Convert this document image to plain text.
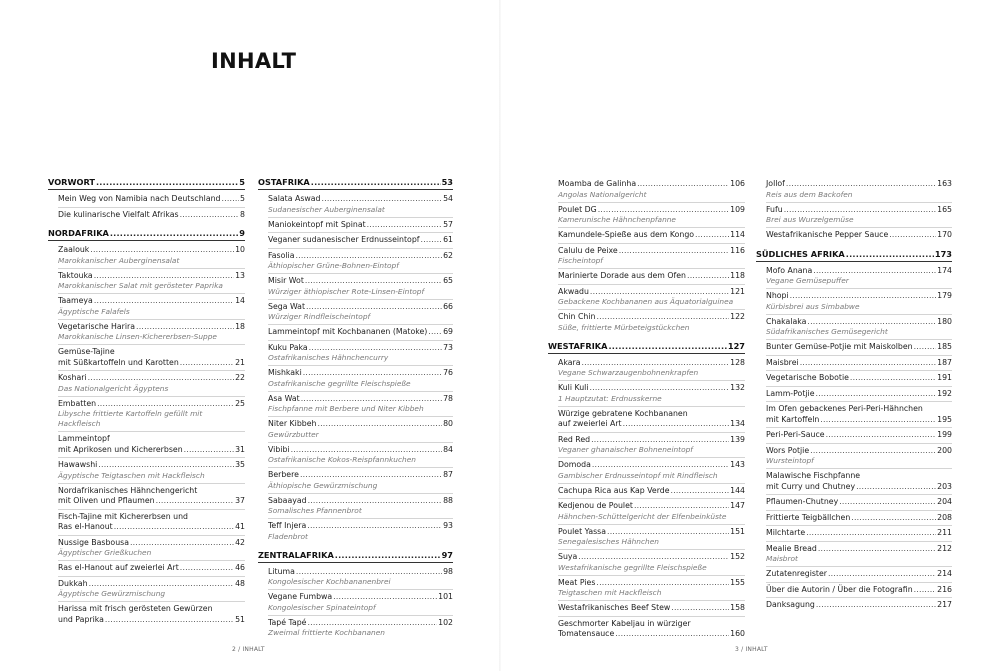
INHALT
VORWORT .....	5
Mein Weg von Namibia nach Deutschland .....	5
Die kulinarische Vielfalt Afrikas .....	8
NORDAFRIKA .....	9
Zaalouk .....	10
Marokkanischer Auberginensalat
Taktouka .....	13
Marokkanischer Salat mit gerösteter Paprika
Taameya .....	14
Ägyptische Falafels
Vegetarische Harira .....	18
Marokkanische Linsen-Kichererbsen-Suppe
Gemüse-Tajine
mit Süßkartoffeln und Karotten .....	21
Koshari .....	22
Das Nationalgericht Ägyptens
Embatten .....	25
Libysche frittierte Kartoffeln gefüllt mit Hackfleisch
Lammeintopf
mit Aprikosen und Kichererbsen .....	31
Hawawshi .....	35
Ägyptische Teigtaschen mit Hackfleisch
Nordafrikanisches Hähnchengericht
mit Oliven und Pflaumen .....	37
Fisch-Tajine mit Kichererbsen und
Ras el-Hanout .....	41
Nussige Basbousa .....	42
Ägyptischer Grießkuchen
Ras el-Hanout auf zweierlei Art .....	46
Dukkah .....	48
Ägyptische Gewürzmischung
Harissa mit frisch gerösteten Gewürzen
und Paprika .....	51
OSTAFRIKA .....	53
Salata Aswad .....	54
Sudanesischer Auberginensalat
Maniokeintopf mit Spinat .....	57
Veganer sudanesischer Erdnusseintopf .....	61
Fasolia .....	62
Äthiopischer Grüne-Bohnen-Eintopf
Misir Wot .....	65
Würziger äthiopischer Rote-Linsen-Eintopf
Sega Wat .....	66
Würziger Rindfleischeintopf
Lammeintopf mit Kochbananen (Matoke) ..... 69
Kuku Paka .....	73
Ostafrikanisches Hähnchencurry
Mishkaki .....	76
Ostafrikanische gegrillte Fleischspieße
Asa Wat .....	78
Fischpfanne mit Berbere und Niter Kibbeh
Niter Kibbeh .....	80
Gewürzbutter
Vibibi .....	84
Ostafrikanische Kokos-Reispfannkuchen
Berbere .....	87
Äthiopische Gewürzmischung
Sabaayad .....	88
Somalisches Pfannenbrot
Teff Injera .....	93
Fladenbrot
ZENTRALAFRIKA .....	97
Lituma .....	98
Kongolesischer Kochbananenbrei
Vegane Fumbwa .....	101
Kongolesischer Spinateintopf
Tapé Tapé .....	102
Zweimal frittierte Kochbananen
Moamba de Galinha .....	106
Angolas Nationalgericht
Poulet DG .....	109
Kamerunische Hähnchenpfanne
Kamundele-Spieße aus dem Kongo .....	114
Calulu de Peixe .....	116
Fischeintopf
Marinierte Dorade aus dem Ofen .....	118
Akwadu .....	121
Gebackene Kochbananen aus Äquatorialguinea
Chin Chin .....	122
Süße, frittierte Mürbeteigstückchen
WESTAFRIKA .....	127
Akara .....	128
Vegane Schwarzaugenbohnenkrapfen
Kuli Kuli .....	132
1 Hauptzutat: Erdnusskerne
Würzige gebratene Kochbananen
auf zweierlei Art .....	134
Red Red .....	139
Veganer ghanaischer Bohneneintopf
Domoda .....	143
Gambischer Erdnusseintopf mit Rindfleisch
Cachupa Rica aus Kap Verde .....	144
Kedjenou de Poulet .....	147
Hähnchen-Schüttelgericht der Elfenbeinküste
Poulet Yassa .....	151
Senegalesisches Hähnchen
Suya .....	152
Westafrikanische gegrillte Fleischspieße
Meat Pies .....	155
Teigtaschen mit Hackfleisch
Westafrikanisches Beef Stew .....	158
Geschmorter Kabeljau in würziger
Tomatensauce .....	160
Jollof .....	163
Reis aus dem Backofen
Fufu .....	165
Brei aus Wurzelgemüse
Westafrikanische Pepper Sauce .....	170
SÜDLICHES AFRIKA .....	173
Mofo Anana .....	174
Vegane Gemüsepuffer
Nhopi .....	179
Kürbisbrei aus Simbabwe
Chakalaka .....	180
Südafrikanisches Gemüsegericht
Bunter Gemüse-Potjie mit Maiskolben .....	185
Maisbrei .....	187
Vegetarische Bobotie .....	191
Lamm-Potjie .....	192
Im Ofen gebackenes Peri-Peri-Hähnchen
mit Kartoffeln .....	195
Peri-Peri-Sauce .....	199
Wors Potjie .....	200
Wursteintopf
Malawische Fischpfanne
mit Curry und Chutney .....	203
Pflaumen-Chutney .....	204
Frittierte Teigbällchen .....	208
Milchtarte .....	211
Mealie Bread .....	212
Maisbrot
Zutatenregister .....	214
Über die Autorin / Über die Fotografin .....	216
Danksagung .....	217
2 / INHALT	3 / INHALT
